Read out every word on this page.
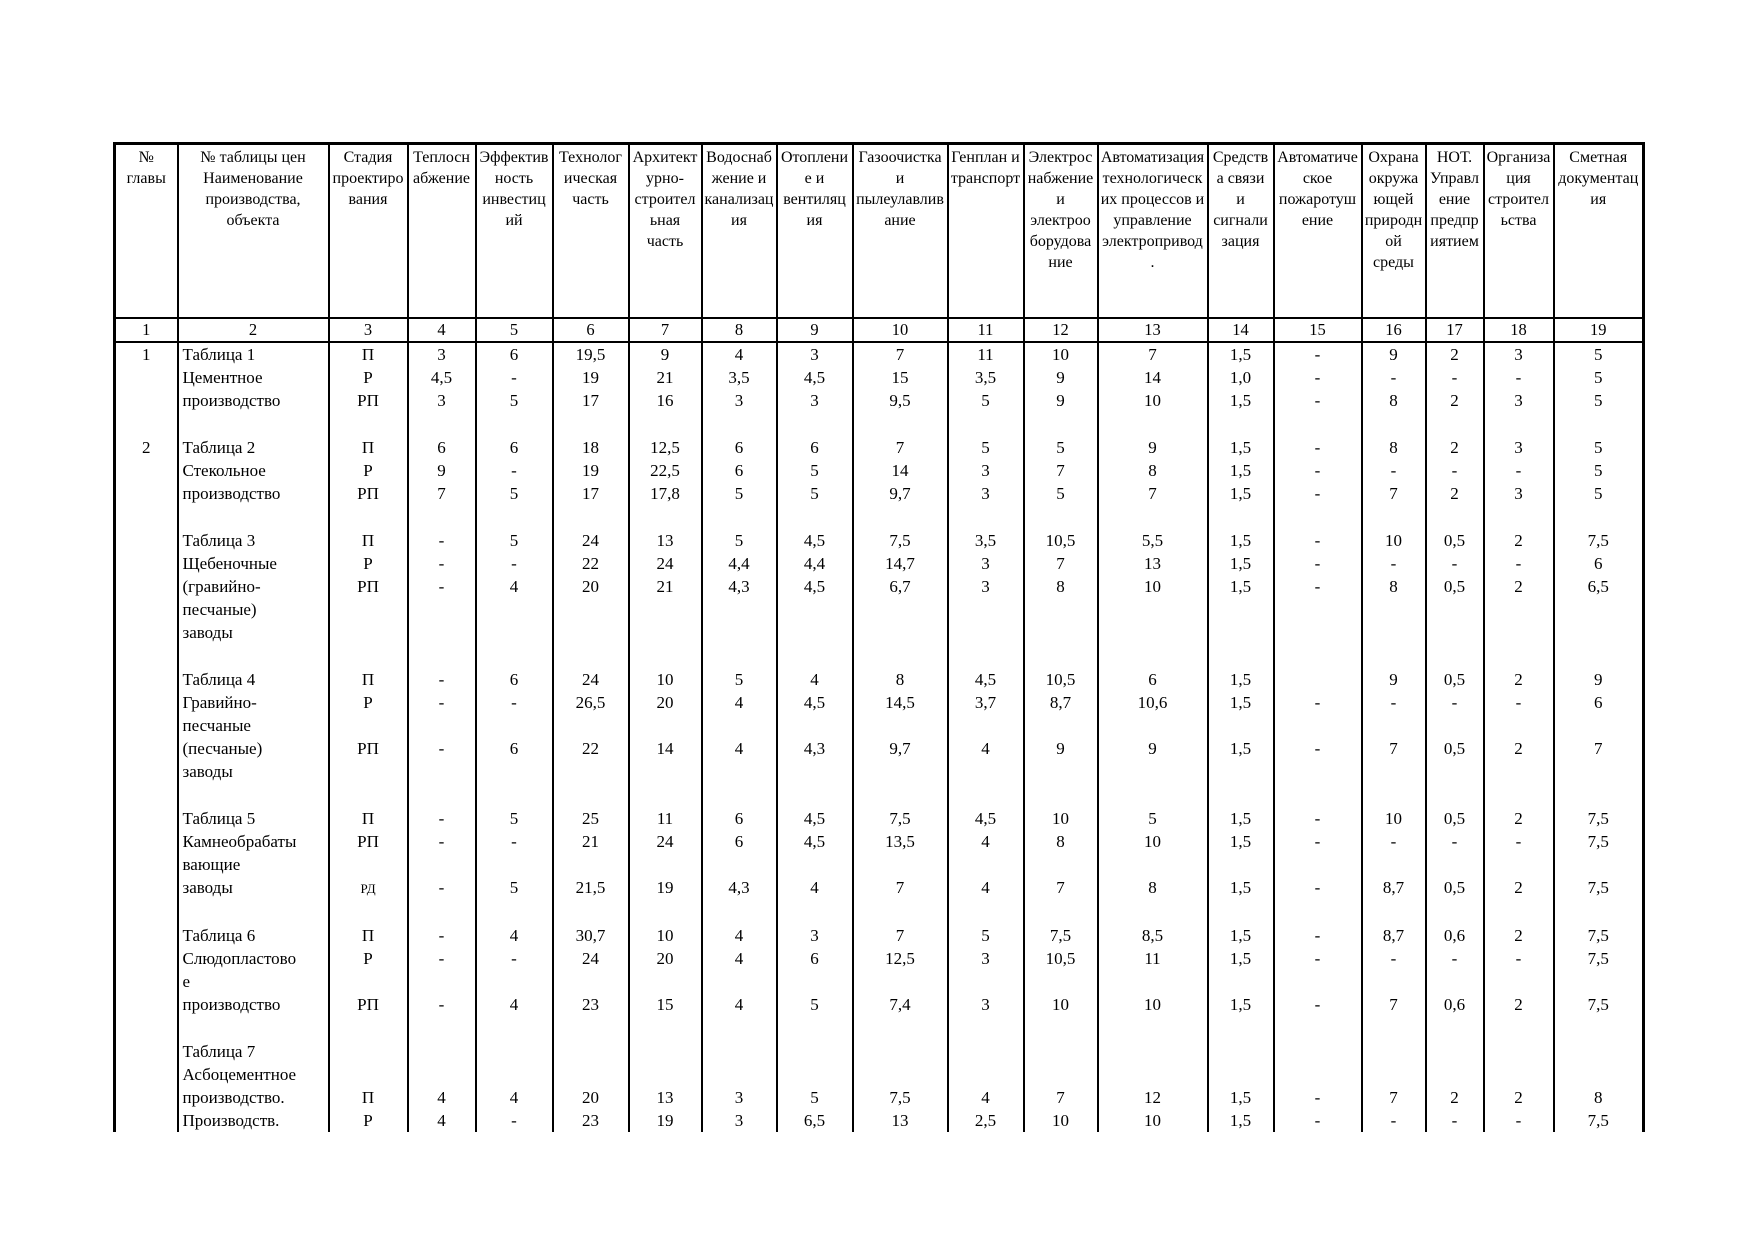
№ главы	№ таблицы цен Наименование производства, объекта	Стадия проектирования	Теплоснабжение	Эффективность инвестиций	Технологическая часть	Архитектурно-строительная часть	Водоснабжение и канализация	Отопление и вентиляция	Газоочистка и пылеулавливание	Генплан и транспорт	Электроснабжение и электрооборудование	Автоматизация технологических процессов и управление электропривод.	Средства связи и сигнализация	Автоматическое пожаротушение	Охрана окружающей природной среды	НОТ. Управление предприятием	Организация строительства	Сметная документация
1	2	3	4	5	6	7	8	9	10	11	12	13	14	15	16	17	18	19
1	Таблица 1	П	3	6	19,5	9	4	3	7	11	10	7	1,5	-	9	2	3	5
	Цементное	Р	4,5	-	19	21	3,5	4,5	15	3,5	9	14	1,0	-	-	-	-	5
	производство	РП	3	5	17	16	3	3	9,5	5	9	10	1,5	-	8	2	3	5

2	Таблица 2	П	6	6	18	12,5	6	6	7	5	5	9	1,5	-	8	2	3	5
	Стекольное	Р	9	-	19	22,5	6	5	14	3	7	8	1,5	-	-	-	-	5
	производство	РП	7	5	17	17,8	5	5	9,7	3	5	7	1,5	-	7	2	3	5

	Таблица 3	П	-	5	24	13	5	4,5	7,5	3,5	10,5	5,5	1,5	-	10	0,5	2	7,5
	Щебеночные	Р	-	-	22	24	4,4	4,4	14,7	3	7	13	1,5	-	-	-	-	6
	(гравийно-	РП	-	4	20	21	4,3	4,5	6,7	3	8	10	1,5	-	8	0,5	2	6,5
	песчаные)																	
	заводы																	

	Таблица 4	П	-	6	24	10	5	4	8	4,5	10,5	6	1,5		9	0,5	2	9
	Гравийно-	Р	-	-	26,5	20	4	4,5	14,5	3,7	8,7	10,6	1,5	-	-	-	-	6
	песчаные																	
	(песчаные)	РП	-	6	22	14	4	4,3	9,7	4	9	9	1,5	-	7	0,5	2	7
	заводы																	

	Таблица 5	П	-	5	25	11	6	4,5	7,5	4,5	10	5	1,5	-	10	0,5	2	7,5
	Камнеобрабаты	РП	-	-	21	24	6	4,5	13,5	4	8	10	1,5	-	-	-	-	7,5
	вающие																	
	заводы	РД	-	5	21,5	19	4,3	4	7	4	7	8	1,5	-	8,7	0,5	2	7,5

	Таблица 6	П	-	4	30,7	10	4	3	7	5	7,5	8,5	1,5	-	8,7	0,6	2	7,5
	Слюдопластово	Р	-	-	24	20	4	6	12,5	3	10,5	11	1,5	-	-	-	-	7,5
	е																	
	производство	РП	-	4	23	15	4	5	7,4	3	10	10	1,5	-	7	0,6	2	7,5

	Таблица 7																	
	Асбоцементное																	
	производство.	П	4	4	20	13	3	5	7,5	4	7	12	1,5	-	7	2	2	8
	Производств.	Р	4	-	23	19	3	6,5	13	2,5	10	10	1,5	-	-	-	-	7,5
